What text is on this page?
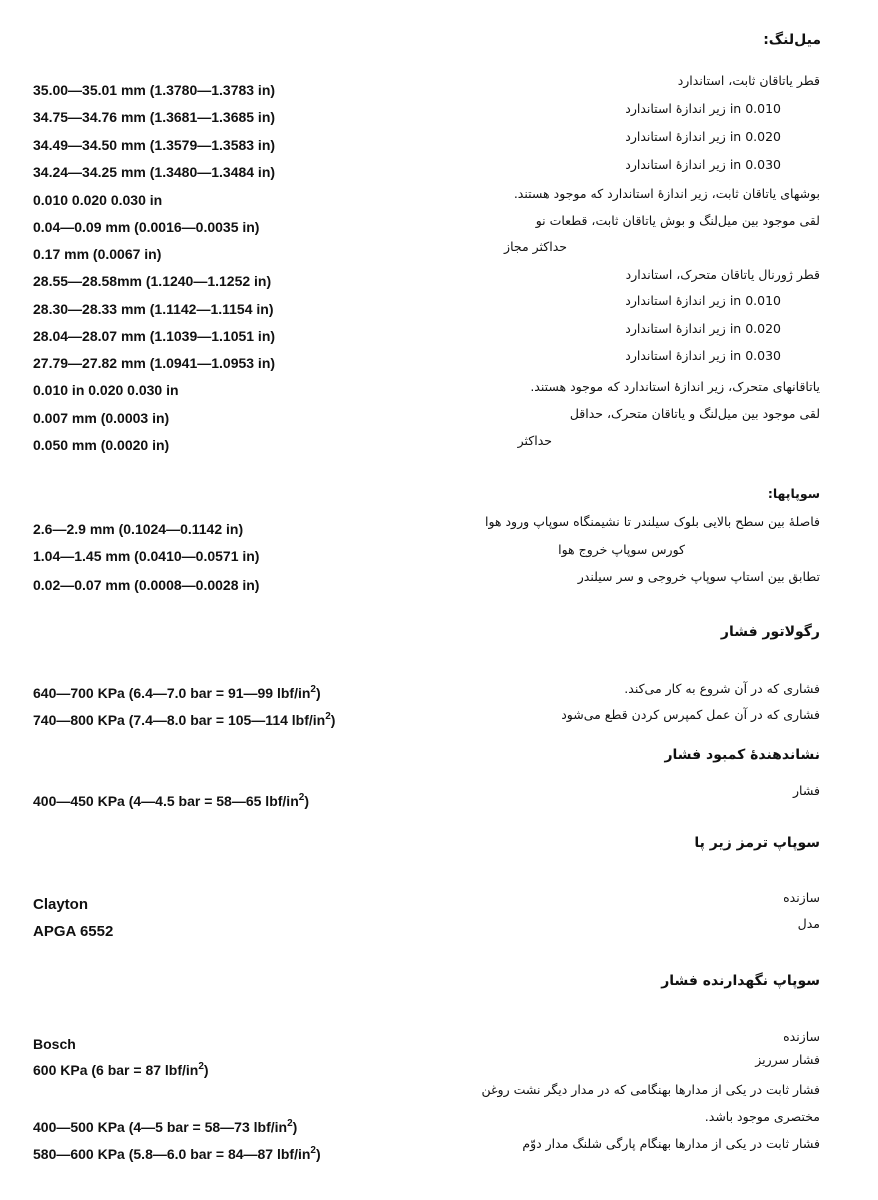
میل‌لنگ:
قطر یاتاقان ثابت، استاندارد
35.00—35.01 mm (1.3780—1.3783 in)
0.010 in زیر اندازهٔ استاندارد
34.75—34.76 mm (1.3681—1.3685 in)
0.020 in زیر اندازهٔ استاندارد
34.49—34.50 mm (1.3579—1.3583 in)
0.030 in زیر اندازهٔ استاندارد
34.24—34.25 mm (1.3480—1.3484 in)
بوشهای یاتاقان ثابت، زیر اندازهٔ استاندارد که موجود هستند.
0.010 0.020 0.030 in
لقی موجود بین میل‌لنگ و بوش یاتاقان ثابت، قطعات نو
0.04—0.09 mm (0.0016—0.0035 in)
حداکثر مجاز
0.17 mm (0.0067 in)
قطر ژورنال یاتاقان متحرک، استاندارد
28.55—28.58mm (1.1240—1.1252 in)
0.010 in زیر اندازهٔ استاندارد
28.30—28.33 mm (1.1142—1.1154 in)
0.020 in زیر اندازهٔ استاندارد
28.04—28.07 mm (1.1039—1.1051 in)
0.030 in زیر اندازهٔ استاندارد
27.79—27.82 mm (1.0941—1.0953 in)
یاتاقانهای متحرک، زیر اندازهٔ استاندارد که موجود هستند.
0.010 in 0.020 0.030 in
لقی موجود بین میل‌لنگ و یاتاقان متحرک، حداقل
0.007 mm (0.0003 in)
حداکثر
0.050 mm (0.0020 in)
سوپاپها:
فاصلهٔ بین سطح بالایی بلوک سیلندر تا نشیمنگاه سوپاپ ورود هوا
2.6—2.9 mm (0.1024—0.1142 in)
کورس سوپاپ خروج هوا
1.04—1.45 mm (0.0410—0.0571 in)
تطابق بین استاپ سوپاپ خروجی و سر سیلندر
0.02—0.07 mm (0.0008—0.0028 in)
رگولاتور فشار
فشاری که در آن شروع به کار می‌کند.
640—700 KPa (6.4—7.0 bar = 91—99 lbf/$in^2$)
فشاری که در آن عمل کمپرس کردن قطع می‌شود
740—800 KPa (7.4—8.0 bar = 105—114 lbf/$in^2$)
نشاندهندهٔ کمبود فشار
فشار
400—450 KPa (4—4.5 bar = 58—65 lbf/$in^2$)
سوپاپ ترمز زیر پا
سازنده
Clayton
مدل
APGA 6552
سوپاپ نگهدارنده فشار
سازنده
Bosch
فشار سرریز
600 KPa (6 bar = 87 lbf/$in^2$)
فشار ثابت در یکی از مدارها بهنگامی که در مدار دیگر نشت روغن
مختصری موجود باشد.
400—500 KPa (4—5 bar = 58—73 lbf/$in^2$)
فشار ثابت در یکی از مدارها بهنگام پارگی شلنگ مدار دوّم
580—600 KPa (5.8—6.0 bar = 84—87 lbf/$in^2$)
